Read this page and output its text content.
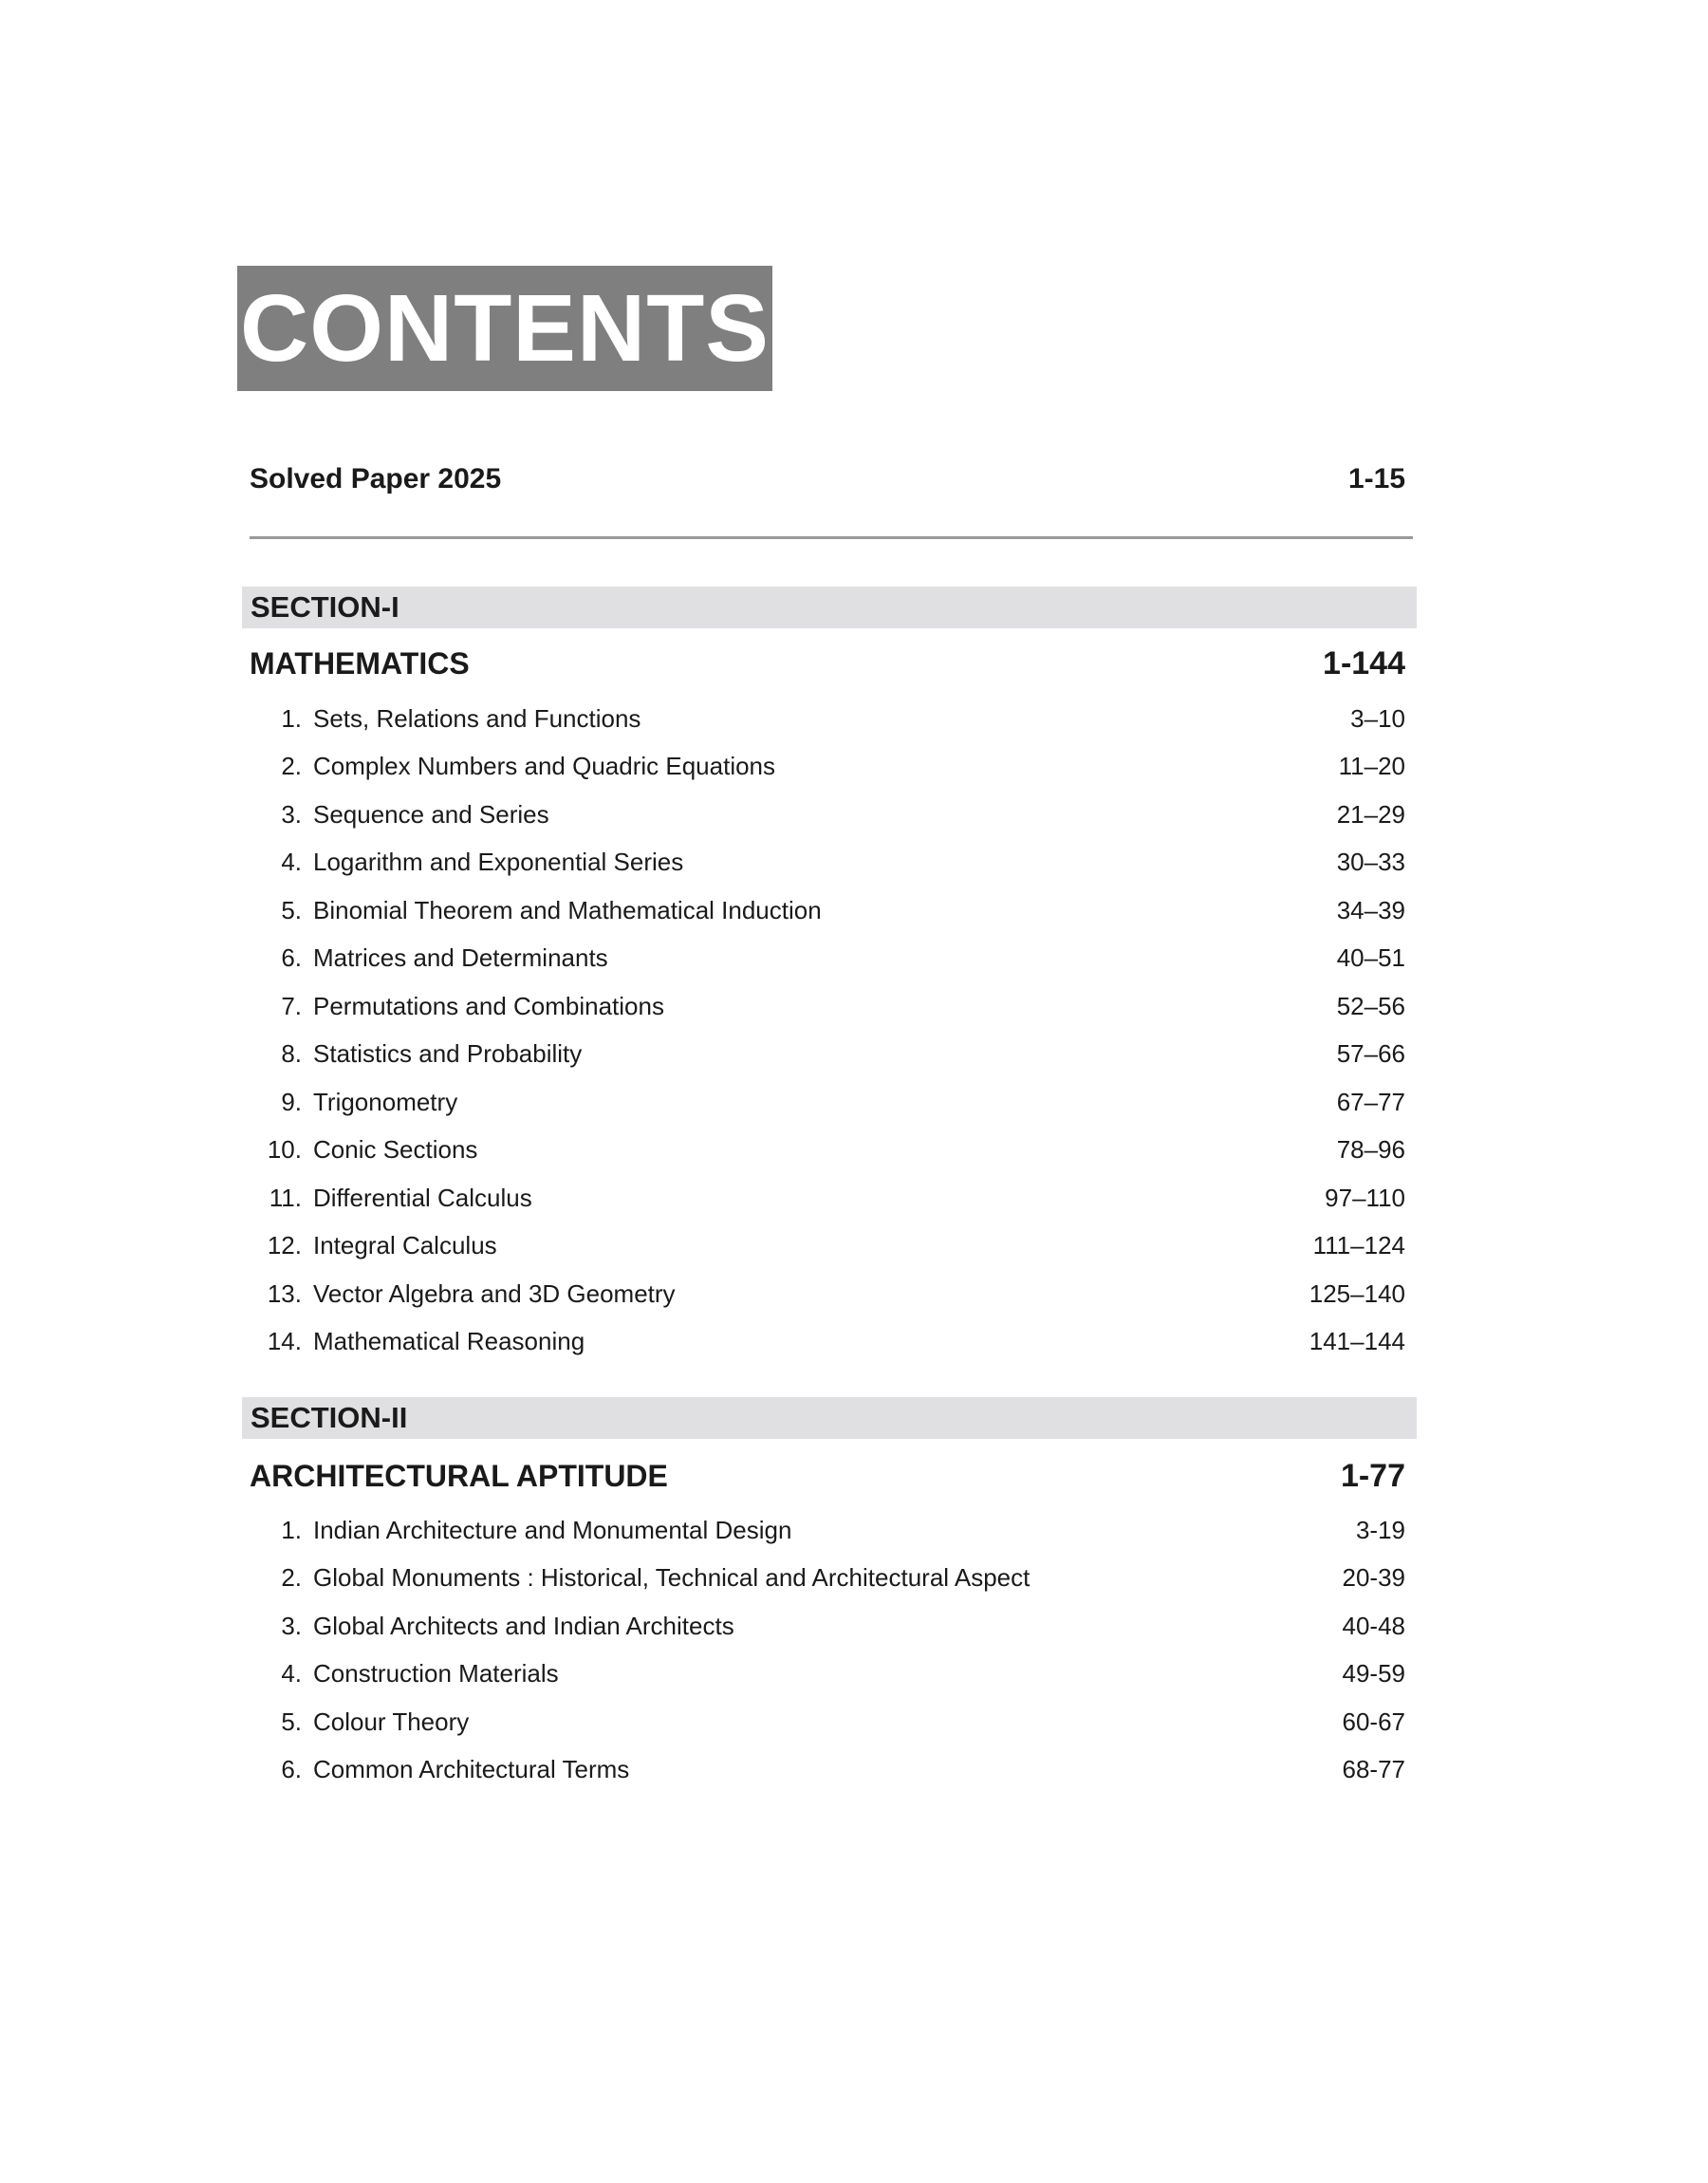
CONTENTS
Solved Paper 2025	1-15
SECTION-I
MATHEMATICS	1-144
1. Sets, Relations and Functions	3–10
2. Complex Numbers and Quadric Equations	11–20
3. Sequence and Series	21–29
4. Logarithm and Exponential Series	30–33
5. Binomial Theorem and Mathematical Induction	34–39
6. Matrices and Determinants	40–51
7. Permutations and Combinations	52–56
8. Statistics and Probability	57–66
9. Trigonometry	67–77
10. Conic Sections	78–96
11. Differential Calculus	97–110
12. Integral Calculus	111–124
13. Vector Algebra and 3D Geometry	125–140
14. Mathematical Reasoning	141–144
SECTION-II
ARCHITECTURAL APTITUDE	1-77
1. Indian Architecture and Monumental Design	3-19
2. Global Monuments : Historical, Technical and Architectural Aspect	20-39
3. Global Architects and Indian Architects	40-48
4. Construction Materials	49-59
5. Colour Theory	60-67
6. Common Architectural Terms	68-77
